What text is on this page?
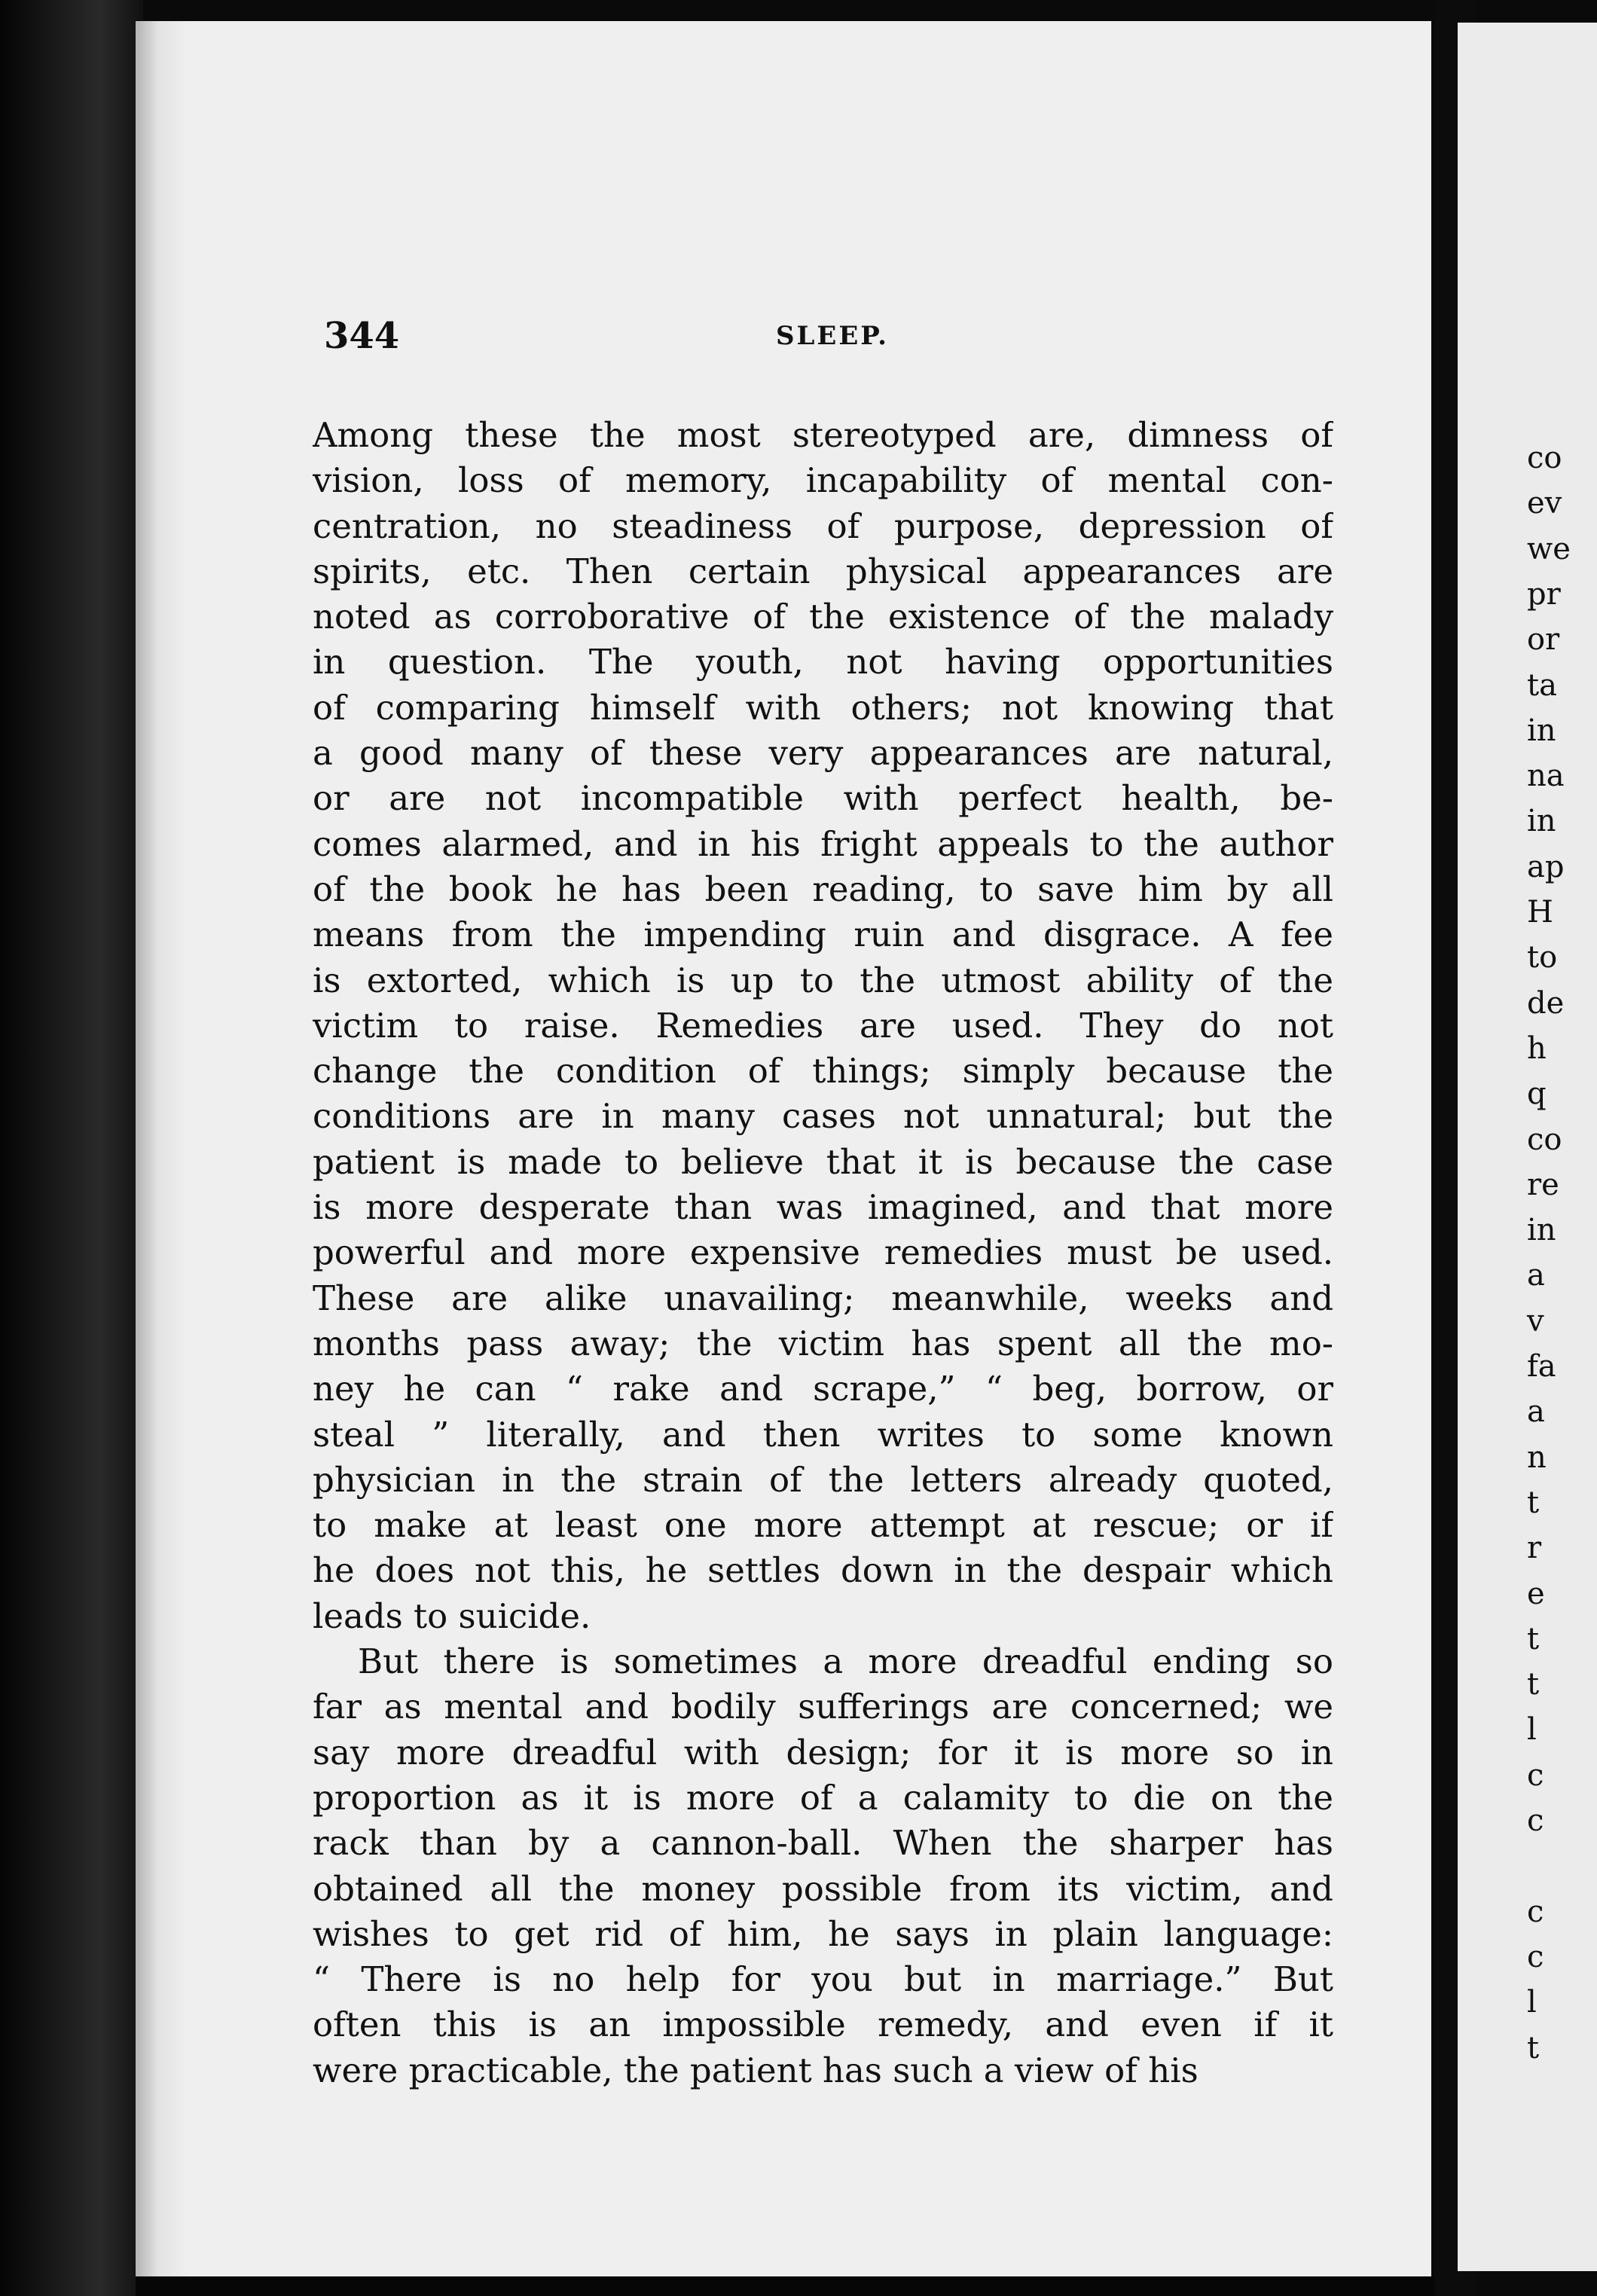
344	SLEEP.
Among these the most stereotyped are, dimness of
vision, loss of memory, incapability of mental con-
centration, no steadiness of purpose, depression of
spirits, etc. Then certain physical appearances are
noted as corroborative of the existence of the malady
in question. The youth, not having opportunities
of comparing himself with others; not knowing that
a good many of these very appearances are natural,
or are not incompatible with perfect health, be-
comes alarmed, and in his fright appeals to the author
of the book he has been reading, to save him by all
means from the impending ruin and disgrace. A fee
is extorted, which is up to the utmost ability of the
victim to raise. Remedies are used. They do not
change the condition of things; simply because the
conditions are in many cases not unnatural; but the
patient is made to believe that it is because the case
is more desperate than was imagined, and that more
powerful and more expensive remedies must be used.
These are alike unavailing; meanwhile, weeks and
months pass away; the victim has spent all the mo-
ney he can “ rake and scrape,” “ beg, borrow, or
steal ” literally, and then writes to some known
physician in the strain of the letters already quoted,
to make at least one more attempt at rescue; or if
he does not this, he settles down in the despair which
leads to suicide.
But there is sometimes a more dreadful ending so
far as mental and bodily sufferings are concerned; we
say more dreadful with design; for it is more so in
proportion as it is more of a calamity to die on the
rack than by a cannon-ball. When the sharper has
obtained all the money possible from its victim, and
wishes to get rid of him, he says in plain language:
“ There is no help for you but in marriage.” But
often this is an impossible remedy, and even if it
were practicable, the patient has such a view of his
co
ev
we
pr
or
ta
in
na
in
ap
H
to
de
h
q
co
re
in
a
v
fa
a
n
t
r
e
t
t
l
c
c
c
c
l
t
